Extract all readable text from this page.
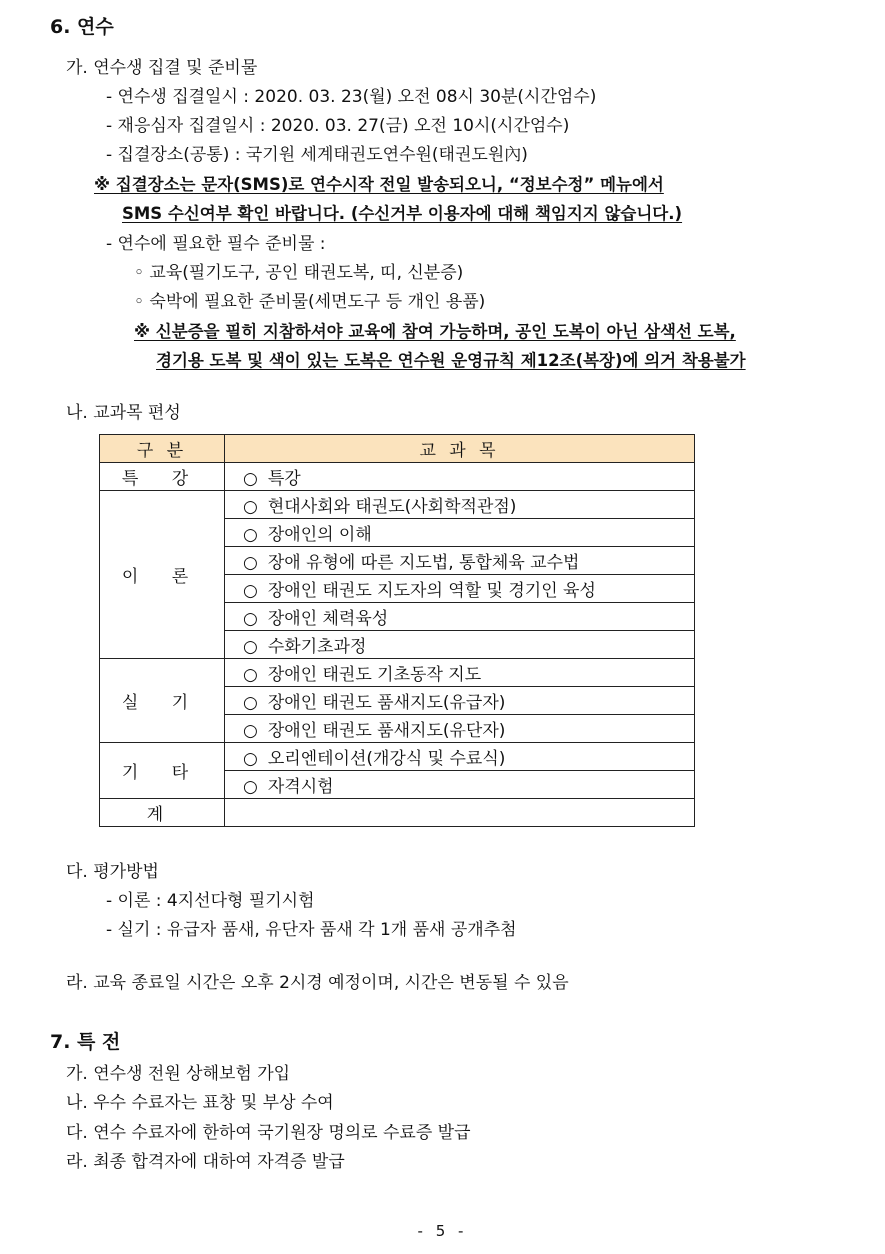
6. 연수
가. 연수생 집결 및 준비물
- 연수생 집결일시 : 2020. 03. 23(월) 오전 08시 30분(시간엄수)
- 재응심자 집결일시 : 2020. 03. 27(금) 오전 10시(시간엄수)
- 집결장소(공통) : 국기원 세계태권도연수원(태권도원內)
※ 집결장소는 문자(SMS)로 연수시작 전일 발송되오니, “정보수정” 메뉴에서
SMS 수신여부 확인 바랍니다. (수신거부 이용자에 대해 책임지지 않습니다.)
- 연수에 필요한 필수 준비물 :
◦ 교육(필기도구, 공인 태권도복, 띠, 신분증)
◦ 숙박에 필요한 준비물(세면도구 등 개인 용품)
※ 신분증을 필히 지참하셔야 교육에 참여 가능하며, 공인 도복이 아닌 삼색선 도복,
경기용 도복 및 색이 있는 도복은 연수원 운영규칙 제12조(복장)에 의거 착용불가
나. 교과목 편성
구 분	교 과 목
특 강	○ 특강
이 론	○ 현대사회와 태권도(사회학적관점)
	○ 장애인의 이해
	○ 장애 유형에 따른 지도법, 통합체육 교수법
	○ 장애인 태권도 지도자의 역할 및 경기인 육성
	○ 장애인 체력육성
	○ 수화기초과정
실 기	○ 장애인 태권도 기초동작 지도
	○ 장애인 태권도 품새지도(유급자)
	○ 장애인 태권도 품새지도(유단자)
기 타	○ 오리엔테이션(개강식 및 수료식)
	○ 자격시험
계	
다. 평가방법
- 이론 : 4지선다형 필기시험
- 실기 : 유급자 품새, 유단자 품새 각 1개 품새 공개추첨
라. 교육 종료일 시간은 오후 2시경 예정이며, 시간은 변동될 수 있음
7. 특 전
가. 연수생 전원 상해보험 가입
나. 우수 수료자는 표창 및 부상 수여
다. 연수 수료자에 한하여 국기원장 명의로 수료증 발급
라. 최종 합격자에 대하여 자격증 발급
- 5 -
